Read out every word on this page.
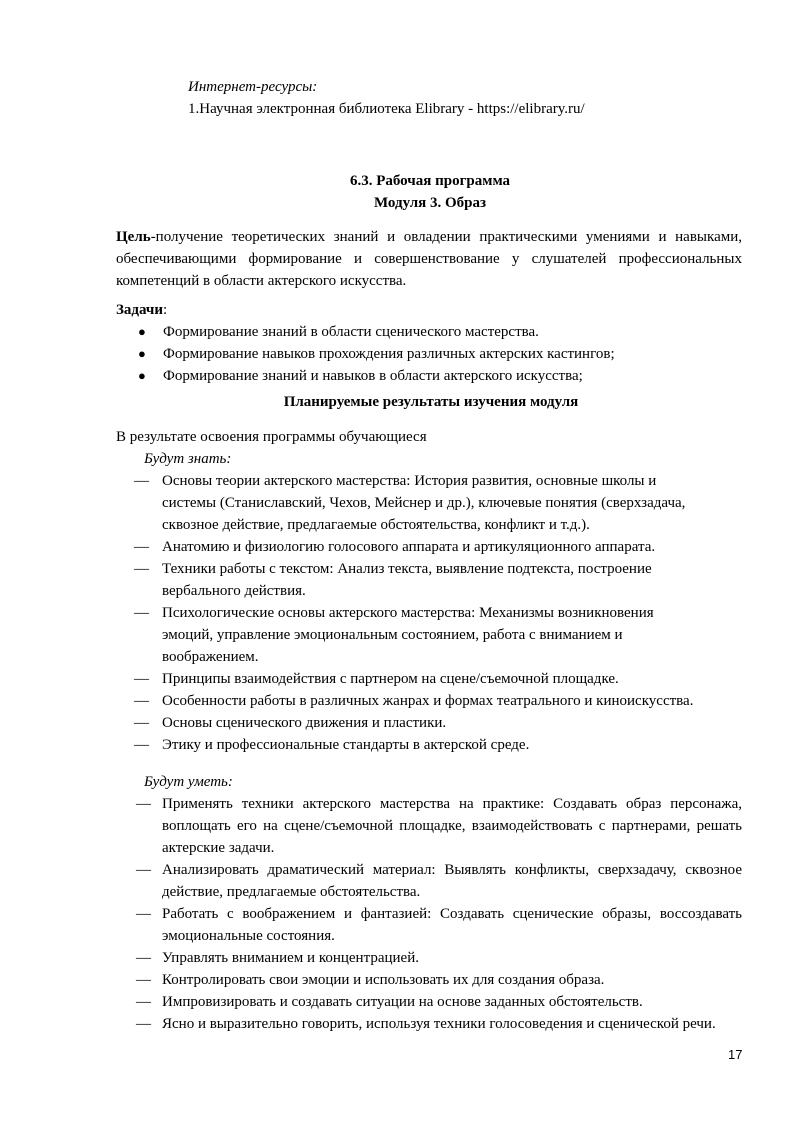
Интернет-ресурсы:

1.Научная электронная библиотека Elibrary - https://elibrary.ru/

6.3. Рабочая программа
Модуля 3. Образ
Цель-получение теоретических знаний и овладении практическими умениями и навыками, обеспечивающими формирование и совершенствование у слушателей профессиональных компетенций в области актерского искусства.
Задачи:
● Формирование знаний в области сценического мастерства.
● Формирование навыков прохождения различных актерских кастингов;
● Формирование знаний и навыков в области актерского искусства;
Планируемые результаты изучения модуля

В результате освоения программы обучающиеся

Будут знать:

— Основы теории актерского мастерства: История развития, основные школы и системы (Станиславский, Чехов, Мейснер и др.), ключевые понятия (сверхзадача, сквозное действие, предлагаемые обстоятельства, конфликт и т.д.).
— Анатомию и физиологию голосового аппарата и артикуляционного аппарата.
— Техники работы с текстом: Анализ текста, выявление подтекста, построение вербального действия.
— Психологические основы актерского мастерства: Механизмы возникновения эмоций, управление эмоциональным состоянием, работа с вниманием и воображением.
— Принципы взаимодействия с партнером на сцене/съемочной площадке.
— Особенности работы в различных жанрах и формах театрального и киноискусства.
— Основы сценического движения и пластики.
— Этику и профессиональные стандарты в актерской среде.

Будут уметь:

— Применять техники актерского мастерства на практике: Создавать образ персонажа, воплощать его на сцене/съемочной площадке, взаимодействовать с партнерами, решать актерские задачи.
— Анализировать драматический материал: Выявлять конфликты, сверхзадачу, сквозное действие, предлагаемые обстоятельства.
— Работать с воображением и фантазией: Создавать сценические образы, воссоздавать эмоциональные состояния.
— Управлять вниманием и концентрацией.
— Контролировать свои эмоции и использовать их для создания образа.
— Импровизировать и создавать ситуации на основе заданных обстоятельств.
— Ясно и выразительно говорить, используя техники голосоведения и сценической речи.
17
